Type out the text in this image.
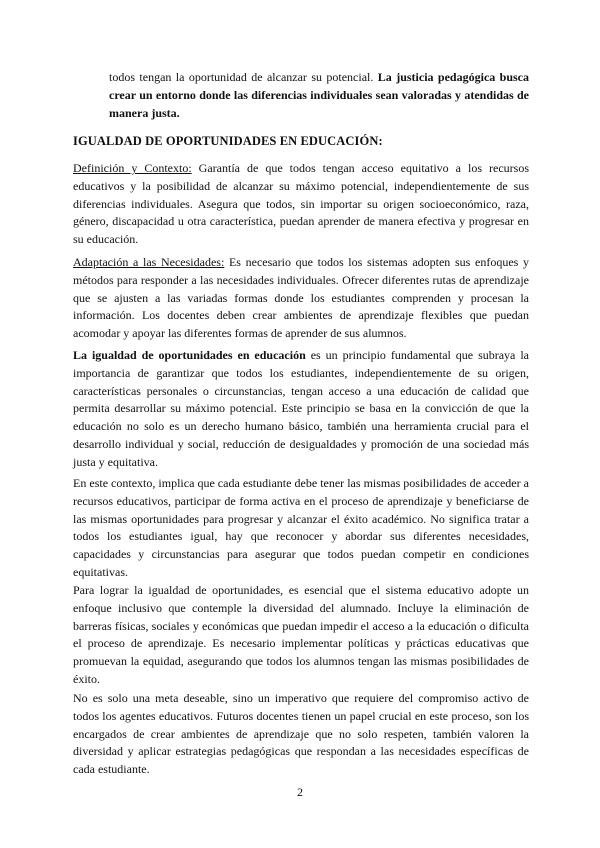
todos tengan la oportunidad de alcanzar su potencial. La justicia pedagógica busca crear un entorno donde las diferencias individuales sean valoradas y atendidas de manera justa.

IGUALDAD DE OPORTUNIDADES EN EDUCACIÓN:

Definición y Contexto: Garantía de que todos tengan acceso equitativo a los recursos educativos y la posibilidad de alcanzar su máximo potencial, independientemente de sus diferencias individuales. Asegura que todos, sin importar su origen socioeconómico, raza, género, discapacidad u otra característica, puedan aprender de manera efectiva y progresar en su educación.

Adaptación a las Necesidades: Es necesario que todos los sistemas adopten sus enfoques y métodos para responder a las necesidades individuales. Ofrecer diferentes rutas de aprendizaje que se ajusten a las variadas formas donde los estudiantes comprenden y procesan la información. Los docentes deben crear ambientes de aprendizaje flexibles que puedan acomodar y apoyar las diferentes formas de aprender de sus alumnos.

La igualdad de oportunidades en educación es un principio fundamental que subraya la importancia de garantizar que todos los estudiantes, independientemente de su origen, características personales o circunstancias, tengan acceso a una educación de calidad que permita desarrollar su máximo potencial. Este principio se basa en la convicción de que la educación no solo es un derecho humano básico, también una herramienta crucial para el desarrollo individual y social, reducción de desigualdades y promoción de una sociedad más justa y equitativa.

En este contexto, implica que cada estudiante debe tener las mismas posibilidades de acceder a recursos educativos, participar de forma activa en el proceso de aprendizaje y beneficiarse de las mismas oportunidades para progresar y alcanzar el éxito académico. No significa tratar a todos los estudiantes igual, hay que reconocer y abordar sus diferentes necesidades, capacidades y circunstancias para asegurar que todos puedan competir en condiciones equitativas.

Para lograr la igualdad de oportunidades, es esencial que el sistema educativo adopte un enfoque inclusivo que contemple la diversidad del alumnado. Incluye la eliminación de barreras físicas, sociales y económicas que puedan impedir el acceso a la educación o dificulta el proceso de aprendizaje. Es necesario implementar políticas y prácticas educativas que promuevan la equidad, asegurando que todos los alumnos tengan las mismas posibilidades de éxito.

No es solo una meta deseable, sino un imperativo que requiere del compromiso activo de todos los agentes educativos. Futuros docentes tienen un papel crucial en este proceso, son los encargados de crear ambientes de aprendizaje que no solo respeten, también valoren la diversidad y aplicar estrategias pedagógicas que respondan a las necesidades específicas de cada estudiante.

2
